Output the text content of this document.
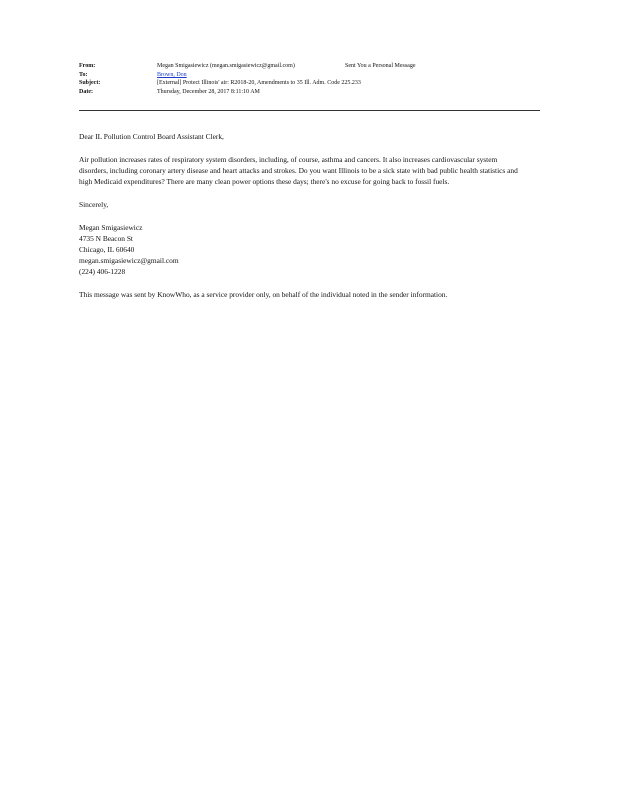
From:	Megan Smigasiewicz (megan.smigasiewicz@gmail.com)	Sent You a Personal Message
To:	Brown, Don
Subject:	[External] Protect Illinois' air: R2018-20, Amendments to 35 Ill. Adm. Code 225.233
Date:	Thursday, December 28, 2017 8:11:10 AM

Dear IL Pollution Control Board Assistant Clerk,

Air pollution increases rates of respiratory system disorders, including, of course, asthma and cancers. It also increases cardiovascular system disorders, including coronary artery disease and heart attacks and strokes. Do you want Illinois to be a sick state with bad public health statistics and high Medicaid expenditures? There are many clean power options these days; there's no excuse for going back to fossil fuels.

Sincerely,

Megan Smigasiewicz
4735 N Beacon St
Chicago, IL 60640
megan.smigasiewicz@gmail.com
(224) 406-1228

This message was sent by KnowWho, as a service provider only, on behalf of the individual noted in the sender information.
